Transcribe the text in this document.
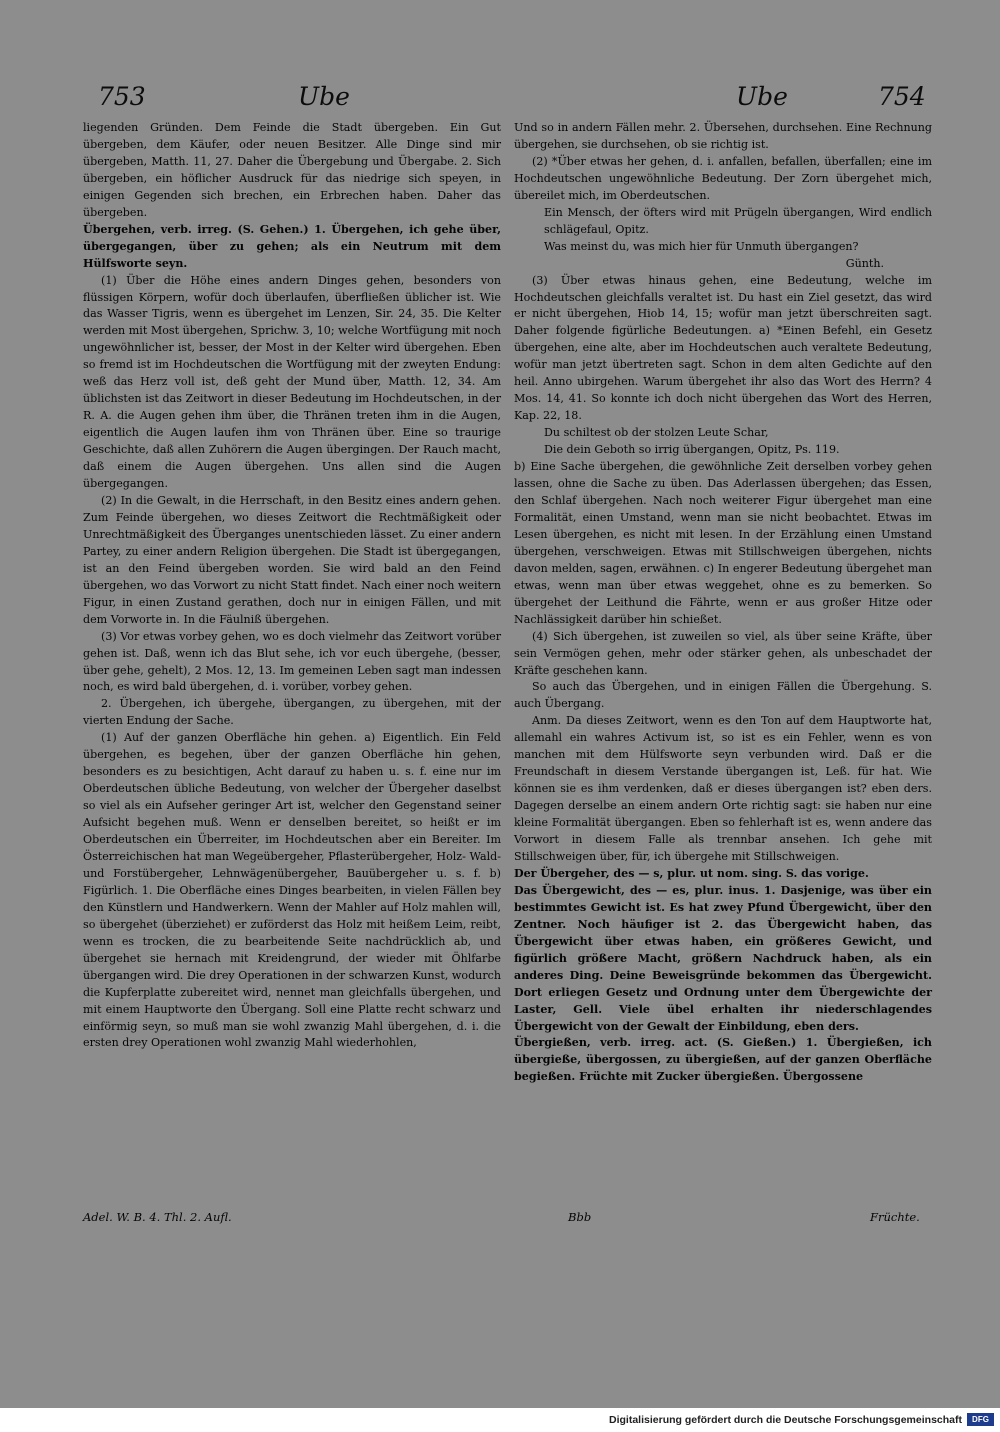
753	Ube	Ube	754

liegenden Gründen. Dem Feinde die Stadt übergeben. Ein Gut übergeben, dem Käufer, oder neuen Besitzer. Alle Dinge sind mir übergeben, Matth. 11, 27. Daher die Übergebung und Übergabe. 2. Sich übergeben, ein höflicher Ausdruck für das niedrige sich speyen, in einigen Gegenden sich brechen, ein Erbrechen haben. Daher das übergeben.

Übergehen, verb. irreg. (S. Gehen.) 1. Übergehen, ich gehe über, übergegangen, über zu gehen; als ein Neutrum mit dem Hülfsworte seyn.

(1) Über die Höhe eines andern Dinges gehen, besonders von flüssigen Körpern, wofür doch überlaufen, überfließen üblicher ist. Wie das Wasser Tigris, wenn es übergehet im Lenzen, Sir. 24, 35. Die Kelter werden mit Most übergehen, Sprichw. 3, 10; welche Wortfügung mit noch ungewöhnlicher ist, besser, der Most in der Kelter wird übergehen. Eben so fremd ist im Hochdeutschen die Wortfügung mit der zweyten Endung: weß das Herz voll ist, deß geht der Mund über, Matth. 12, 34. Am üblichsten ist das Zeitwort in dieser Bedeutung im Hochdeutschen, in der R. A. die Augen gehen ihm über, die Thränen treten ihm in die Augen, eigentlich die Augen laufen ihm von Thränen über. Eine so traurige Geschichte, daß allen Zuhörern die Augen übergingen. Der Rauch macht, daß einem die Augen übergehen. Uns allen sind die Augen übergegangen.

(2) In die Gewalt, in die Herrschaft, in den Besitz eines andern gehen. Zum Feinde übergehen, wo dieses Zeitwort die Rechtmäßigkeit oder Unrechtmäßigkeit des Überganges unentschieden lässet. Zu einer andern Partey, zu einer andern Religion übergehen. Die Stadt ist übergegangen, ist an den Feind übergeben worden. Sie wird bald an den Feind übergehen, wo das Vorwort zu nicht Statt findet. Nach einer noch weitern Figur, in einen Zustand gerathen, doch nur in einigen Fällen, und mit dem Vorworte in. In die Fäulniß übergehen.

(3) Vor etwas vorbey gehen, wo es doch vielmehr das Zeitwort vorüber gehen ist. Daß, wenn ich das Blut sehe, ich vor euch übergehe, (besser, über gehe, gehelt), 2 Mos. 12, 13. Im gemeinen Leben sagt man indessen noch, es wird bald übergehen, d. i. vorüber, vorbey gehen.

2. Übergehen, ich übergehe, übergangen, zu übergehen, mit der vierten Endung der Sache.

(1) Auf der ganzen Oberfläche hin gehen. a) Eigentlich. Ein Feld übergehen, es begehen, über der ganzen Oberfläche hin gehen, besonders es zu besichtigen, Acht darauf zu haben u. s. f. eine nur im Oberdeutschen übliche Bedeutung, von welcher der Übergeher daselbst so viel als ein Aufseher geringer Art ist, welcher den Gegenstand seiner Aufsicht begehen muß. Wenn er denselben bereitet, so heißt er im Oberdeutschen ein Überreiter, im Hochdeutschen aber ein Bereiter. Im Österreichischen hat man Wegeübergeher, Pflasterübergeher, Holz- Wald- und Forstübergeher, Lehnwägenübergeher, Bauübergeher u. s. f. b) Figürlich. 1. Die Oberfläche eines Dinges bearbeiten, in vielen Fällen bey den Künstlern und Handwerkern. Wenn der Mahler auf Holz mahlen will, so übergehet (überziehet) er zuförderst das Holz mit heißem Leim, reibt, wenn es trocken, die zu bearbeitende Seite nachdrücklich ab, und übergehet sie hernach mit Kreidengrund, der wieder mit Öhlfarbe übergangen wird. Die drey Operationen in der schwarzen Kunst, wodurch die Kupferplatte zubereitet wird, nennet man gleichfalls übergehen, und mit einem Hauptworte den Übergang. Soll eine Platte recht schwarz und einförmig seyn, so muß man sie wohl zwanzig Mahl übergehen, d. i. die ersten drey Operationen wohl zwanzig Mahl wiederhohlen,

Und so in andern Fällen mehr. 2. Übersehen, durchsehen. Eine Rechnung übergehen, sie durchsehen, ob sie richtig ist.

(2) *Über etwas her gehen, d. i. anfallen, befallen, überfallen; eine im Hochdeutschen ungewöhnliche Bedeutung. Der Zorn übergehet mich, übereilet mich, im Oberdeutschen.

Ein Mensch, der öfters wird mit Prügeln übergangen, Wird endlich schlägefaul, Opitz.

Was meinst du, was mich hier für Unmuth übergangen?

Günth.

(3) Über etwas hinaus gehen, eine Bedeutung, welche im Hochdeutschen gleichfalls veraltet ist. Du hast ein Ziel gesetzt, das wird er nicht übergehen, Hiob 14, 15; wofür man jetzt überschreiten sagt. Daher folgende figürliche Bedeutungen. a) *Einen Befehl, ein Gesetz übergehen, eine alte, aber im Hochdeutschen auch veraltete Bedeutung, wofür man jetzt übertreten sagt. Schon in dem alten Gedichte auf den heil. Anno ubirgehen. Warum übergehet ihr also das Wort des Herrn? 4 Mos. 14, 41. So konnte ich doch nicht übergehen das Wort des Herren, Kap. 22, 18.

Du schiltest ob der stolzen Leute Schar,

Die dein Geboth so irrig übergangen, Opitz, Ps. 119.

b) Eine Sache übergehen, die gewöhnliche Zeit derselben vorbey gehen lassen, ohne die Sache zu üben. Das Aderlassen übergehen; das Essen, den Schlaf übergehen. Nach noch weiterer Figur übergehet man eine Formalität, einen Umstand, wenn man sie nicht beobachtet. Etwas im Lesen übergehen, es nicht mit lesen. In der Erzählung einen Umstand übergehen, verschweigen. Etwas mit Stillschweigen übergehen, nichts davon melden, sagen, erwähnen. c) In engerer Bedeutung übergehet man etwas, wenn man über etwas weggehet, ohne es zu bemerken. So übergehet der Leithund die Fährte, wenn er aus großer Hitze oder Nachlässigkeit darüber hin schießet.

(4) Sich übergehen, ist zuweilen so viel, als über seine Kräfte, über sein Vermögen gehen, mehr oder stärker gehen, als unbeschadet der Kräfte geschehen kann.

So auch das Übergehen, und in einigen Fällen die Übergehung. S. auch Übergang.

Anm. Da dieses Zeitwort, wenn es den Ton auf dem Hauptworte hat, allemahl ein wahres Activum ist, so ist es ein Fehler, wenn es von manchen mit dem Hülfsworte seyn verbunden wird. Daß er die Freundschaft in diesem Verstande übergangen ist, Leß. für hat. Wie können sie es ihm verdenken, daß er dieses übergangen ist? eben ders. Dagegen derselbe an einem andern Orte richtig sagt: sie haben nur eine kleine Formalität übergangen. Eben so fehlerhaft ist es, wenn andere das Vorwort in diesem Falle als trennbar ansehen. Ich gehe mit Stillschweigen über, für, ich übergehe mit Stillschweigen.

Der Übergeher, des — s, plur. ut nom. sing. S. das vorige.

Das Übergewicht, des — es, plur. inus. 1. Dasjenige, was über ein bestimmtes Gewicht ist. Es hat zwey Pfund Übergewicht, über den Zentner. Noch häufiger ist 2. das Übergewicht haben, das Übergewicht über etwas haben, ein größeres Gewicht, und figürlich größere Macht, größern Nachdruck haben, als ein anderes Ding. Deine Beweisgründe bekommen das Übergewicht. Dort erliegen Gesetz und Ordnung unter dem Übergewichte der Laster, Gell. Viele übel erhalten ihr niederschlagendes Übergewicht von der Gewalt der Einbildung, eben ders.

Übergießen, verb. irreg. act. (S. Gießen.) 1. Übergießen, ich übergieße, übergossen, zu übergießen, auf der ganzen Oberfläche begießen. Früchte mit Zucker übergießen. Übergossene

Adel. W. B. 4. Thl. 2. Aufl.	Bbb	Früchte.
Digitalisierung gefördert durch die Deutsche Forschungsgemeinschaft	DFG
